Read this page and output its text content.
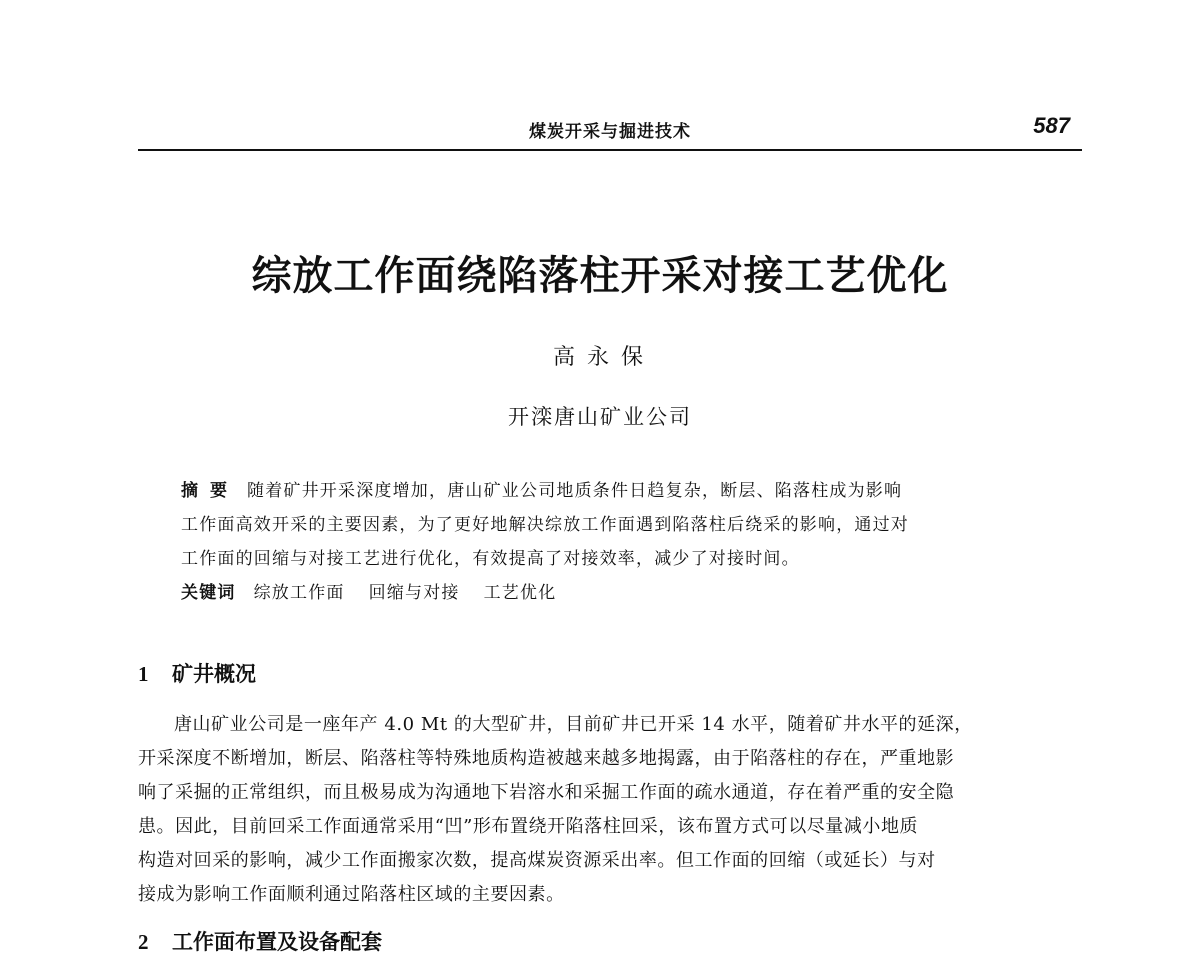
煤炭开采与掘进技术	587
综放工作面绕陷落柱开采对接工艺优化
高永保
开滦唐山矿业公司
摘要 随着矿井开采深度增加，唐山矿业公司地质条件日趋复杂，断层、陷落柱成为影响
工作面高效开采的主要因素，为了更好地解决综放工作面遇到陷落柱后绕采的影响，通过对
工作面的回缩与对接工艺进行优化，有效提高了对接效率，减少了对接时间。
关键词 综放工作面 回缩与对接 工艺优化
1 矿井概况
唐山矿业公司是一座年产 4.0 Mt 的大型矿井，目前矿井已开采 14 水平，随着矿井水平的延深，
开采深度不断增加，断层、陷落柱等特殊地质构造被越来越多地揭露，由于陷落柱的存在，严重地影
响了采掘的正常组织，而且极易成为沟通地下岩溶水和采掘工作面的疏水通道，存在着严重的安全隐
患。因此，目前回采工作面通常采用“凹”形布置绕开陷落柱回采，该布置方式可以尽量减小地质
构造对回采的影响，减少工作面搬家次数，提高煤炭资源采出率。但工作面的回缩（或延长）与对
接成为影响工作面顺利通过陷落柱区域的主要因素。
2 工作面布置及设备配套
